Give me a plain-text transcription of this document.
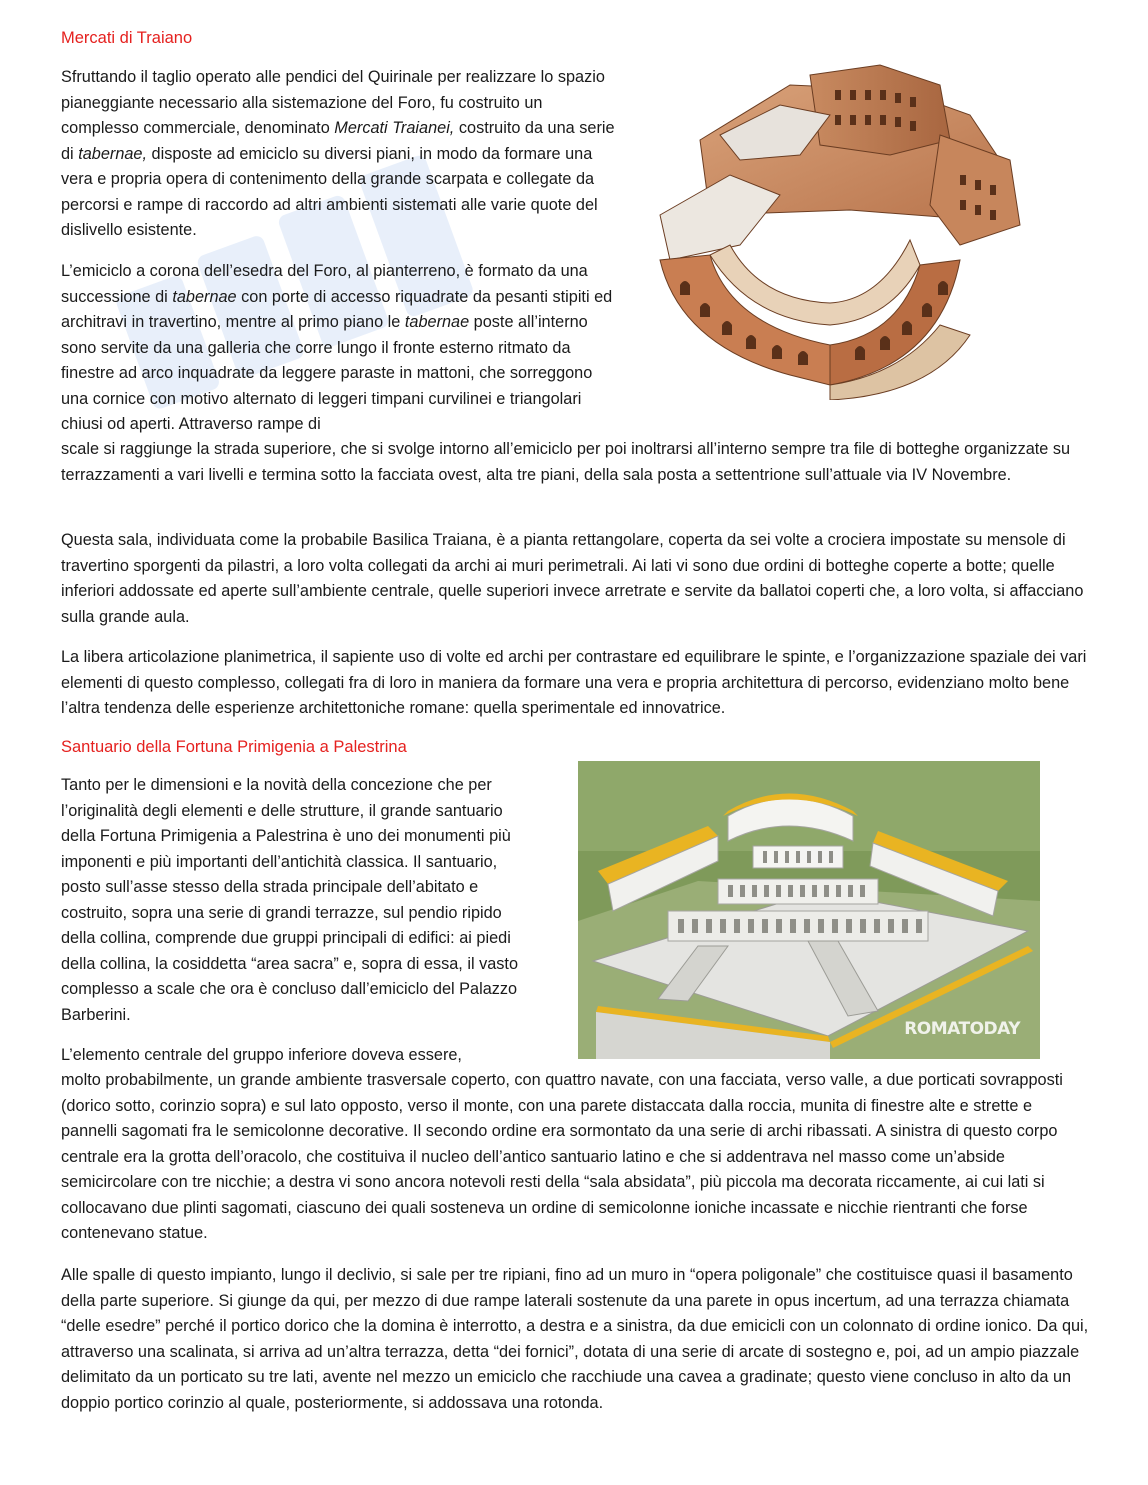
Mercati di Traiano

Sfruttando il taglio operato alle pendici del Quirinale per realizzare lo spazio pianeggiante necessario alla sistemazione del Foro, fu costruito un complesso commerciale, denominato Mercati Traianei, costruito da una serie di tabernae, disposte ad emiciclo su diversi piani, in modo da formare una vera e propria opera di contenimento della grande scarpata e collegate da percorsi e rampe di raccordo ad altri ambienti sistemati alle varie quote del dislivello esistente.

L’emiciclo a corona dell’esedra del Foro, al pianterreno, è formato da una successione di tabernae con porte di accesso riquadrate da pesanti stipiti ed architravi in travertino, mentre al primo piano le tabernae poste all’interno sono servite da una galleria che corre lungo il fronte esterno ritmato da finestre ad arco inquadrate da leggere paraste in mattoni, che sorreggono una cornice con motivo alternato di leggeri timpani curvilinei e triangolari chiusi od aperti. Attraverso rampe di

scale si raggiunge la strada superiore, che si svolge intorno all’emiciclo per poi inoltrarsi all’interno sempre tra file di botteghe organizzate su terrazzamenti a vari livelli e termina sotto la facciata ovest, alta tre piani, della sala posta a settentrione sull’attuale via IV Novembre.

Questa sala, individuata come la probabile Basilica Traiana, è a pianta rettangolare, coperta da sei volte a crociera impostate su mensole di travertino sporgenti da pilastri, a loro volta collegati da archi ai muri perimetrali. Ai lati vi sono due ordini di botteghe coperte a botte; quelle inferiori addossate ed aperte sull’ambiente centrale, quelle superiori invece arretrate e servite da ballatoi coperti che, a loro volta, si affacciano sulla grande aula.

La libera articolazione planimetrica, il sapiente uso di volte ed archi per contrastare ed equilibrare le spinte, e l’organizzazione spaziale dei vari elementi di questo complesso, collegati fra di loro in maniera da formare una vera e propria architettura di percorso, evidenziano molto bene l’altra tendenza delle esperienze architettoniche romane: quella sperimentale ed innovatrice.

Santuario della Fortuna Primigenia a Palestrina

Tanto per le dimensioni e la novità della concezione che per l’originalità degli elementi e delle strutture, il grande santuario della Fortuna Primigenia a Palestrina è uno dei monumenti più imponenti e più importanti dell’antichità classica. Il santuario, posto sull’asse stesso della strada principale dell’abitato e costruito, sopra una serie di grandi terrazze, sul pendio ripido della collina, comprende due gruppi principali di edifici: ai piedi della collina, la cosiddetta “area sacra” e, sopra di essa, il vasto complesso a scale che ora è concluso dall’emiciclo del Palazzo Barberini.

L’elemento centrale del gruppo inferiore doveva essere,

molto probabilmente, un grande ambiente trasversale coperto, con quattro navate, con una facciata, verso valle, a due porticati sovrapposti (dorico sotto, corinzio sopra) e sul lato opposto, verso il monte, con una parete distaccata dalla roccia, munita di finestre alte e strette e pannelli sagomati fra le semicolonne decorative. Il secondo ordine era sormontato da una serie di archi ribassati. A sinistra di questo corpo centrale era la grotta dell’oracolo, che costituiva il nucleo dell’antico santuario latino e che si addentrava nel masso come un’abside semicircolare con tre nicchie; a destra vi sono ancora notevoli resti della “sala absidata”, più piccola ma decorata riccamente, ai cui lati si collocavano due plinti sagomati, ciascuno dei quali sosteneva un ordine di semicolonne ioniche incassate e nicchie rientranti che forse contenevano statue.

Alle spalle di questo impianto, lungo il declivio, si sale per tre ripiani, fino ad un muro in “opera poligonale” che costituisce quasi il basamento della parte superiore. Si giunge da qui, per mezzo di due rampe laterali sostenute da una parete in opus incertum, ad una terrazza chiamata “delle esedre” perché il portico dorico che la domina è interrotto, a destra e a sinistra, da due emicicli con un colonnato di ordine ionico. Da qui, attraverso una scalinata, si arriva ad un’altra terrazza, detta “dei fornici”, dotata di una serie di arcate di sostegno e, poi, ad un ampio piazzale delimitato da un porticato su tre lati, avente nel mezzo un emiciclo che racchiude una cavea a gradinate; questo viene concluso in alto da un doppio portico corinzio al quale, posteriormente, si addossava una rotonda.

ROMATODAY
